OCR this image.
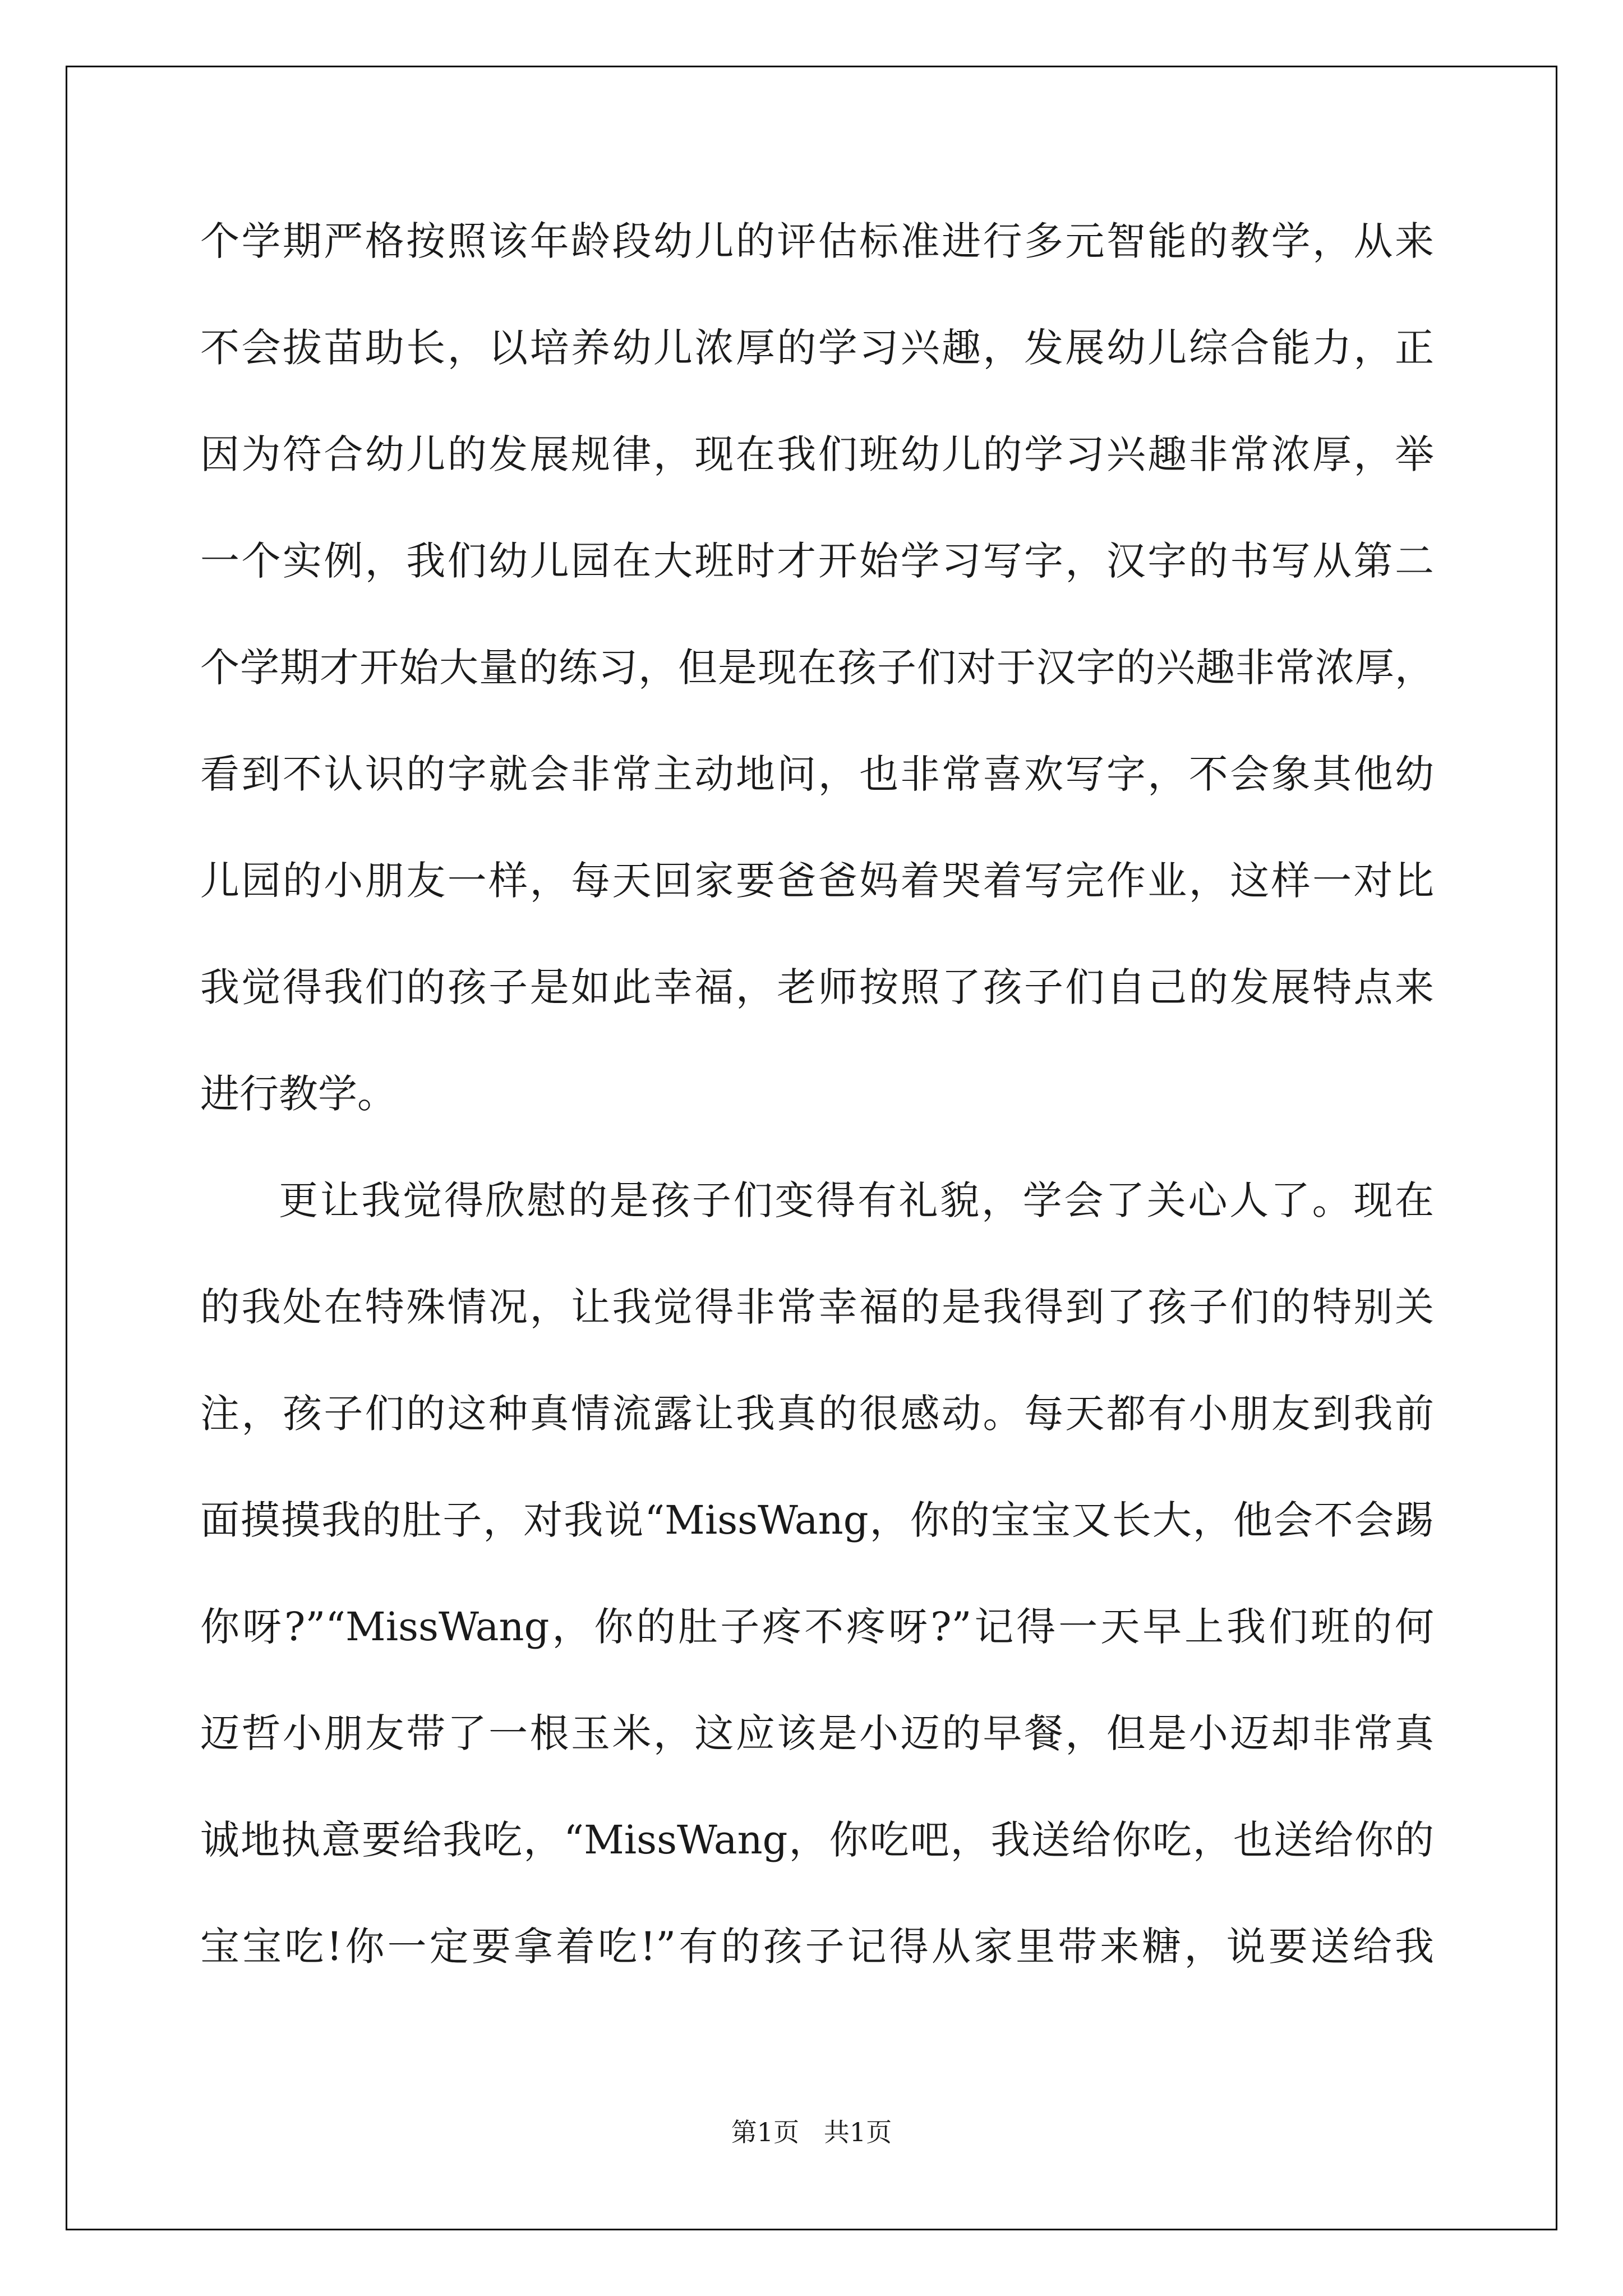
个学期严格按照该年龄段幼儿的评估标准进行多元智能的教学，从来
不会拔苗助长，以培养幼儿浓厚的学习兴趣，发展幼儿综合能力，正
因为符合幼儿的发展规律，现在我们班幼儿的学习兴趣非常浓厚，举
一个实例，我们幼儿园在大班时才开始学习写字，汉字的书写从第二
个学期才开始大量的练习，但是现在孩子们对于汉字的兴趣非常浓厚，
看到不认识的字就会非常主动地问，也非常喜欢写字，不会象其他幼
儿园的小朋友一样，每天回家要爸爸妈着哭着写完作业，这样一对比
我觉得我们的孩子是如此幸福，老师按照了孩子们自己的发展特点来
进行教学。
更让我觉得欣慰的是孩子们变得有礼貌，学会了关心人了。现在
的我处在特殊情况，让我觉得非常幸福的是我得到了孩子们的特别关
注，孩子们的这种真情流露让我真的很感动。每天都有小朋友到我前
面摸摸我的肚子，对我说“MissWang，你的宝宝又长大，他会不会踢
你呀?”“MissWang，你的肚子疼不疼呀?”记得一天早上我们班的何
迈哲小朋友带了一根玉米，这应该是小迈的早餐，但是小迈却非常真
诚地执意要给我吃，“MissWang，你吃吧，我送给你吃，也送给你的
宝宝吃!你一定要拿着吃!”有的孩子记得从家里带来糖，说要送给我
第1页   共1页
